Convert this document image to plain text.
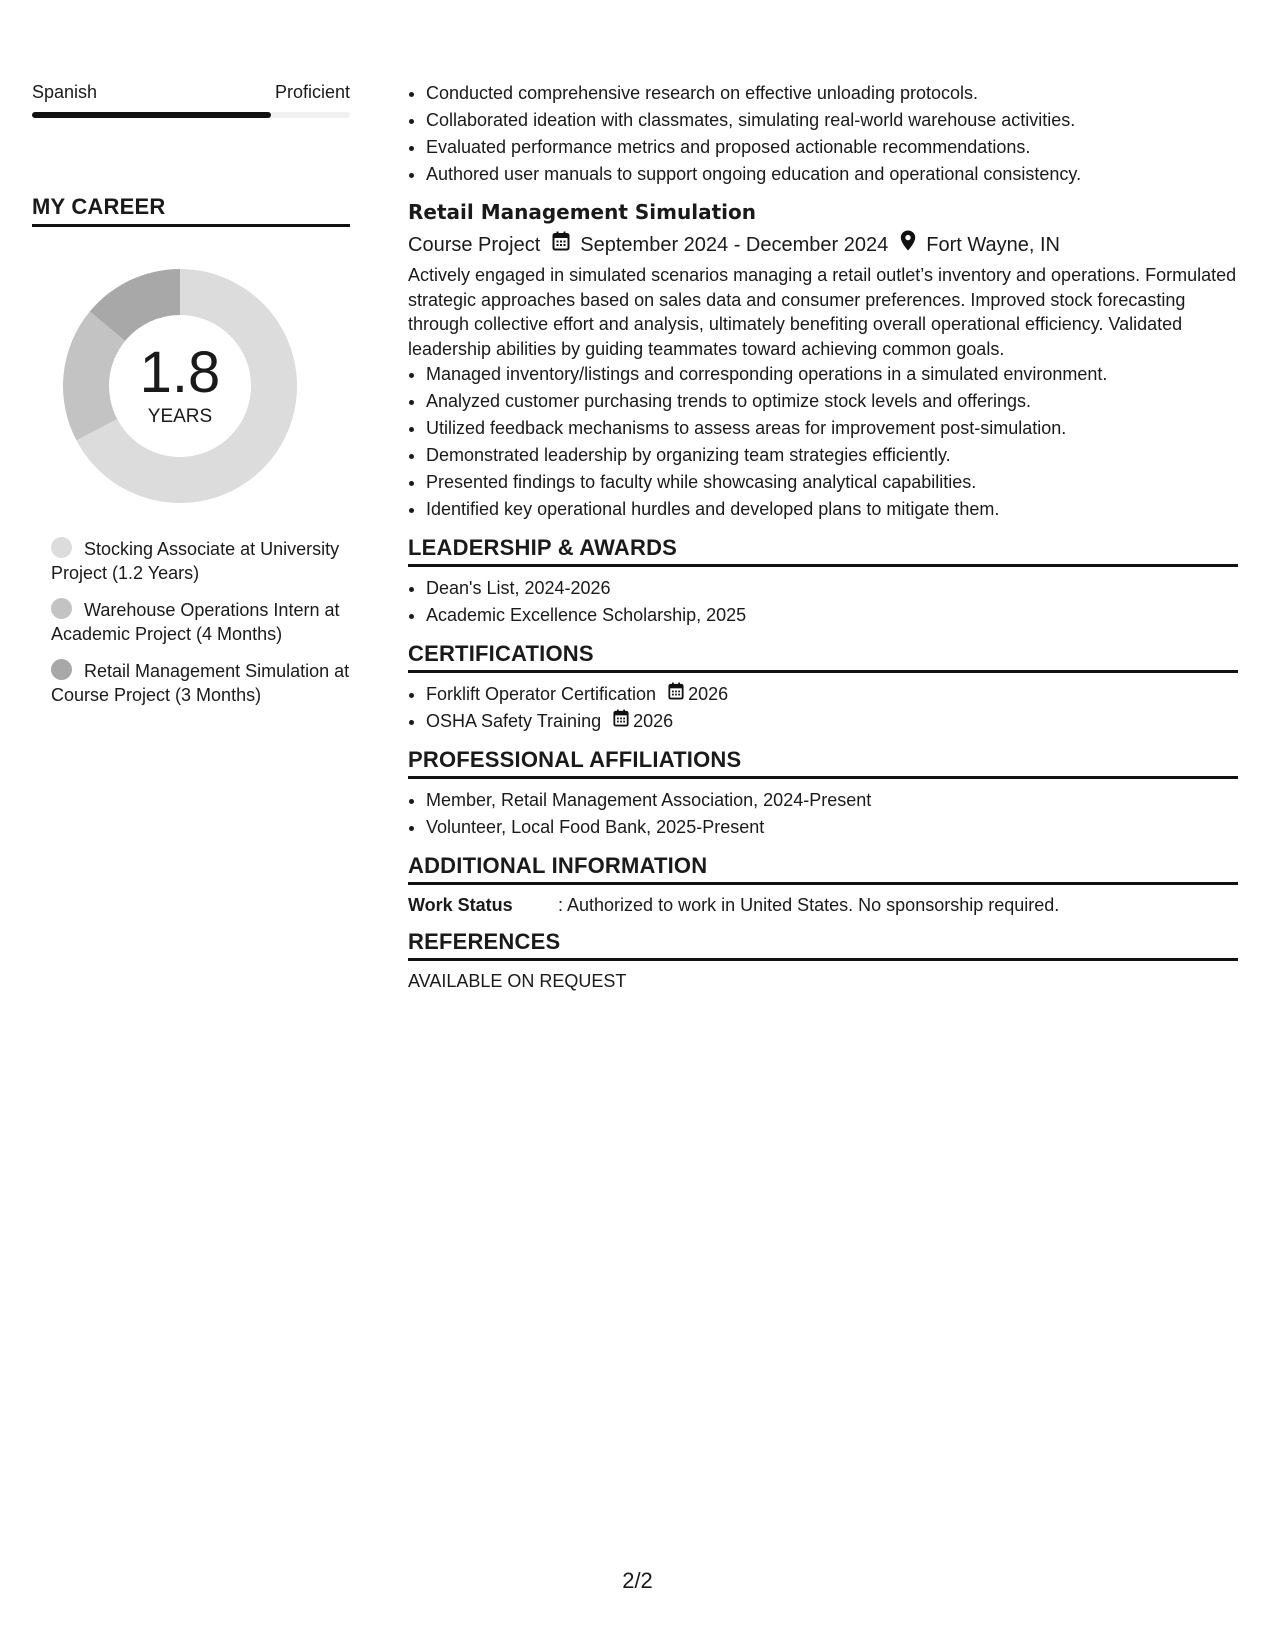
Spanish	Proficient
MY CAREER
1.8
YEARS
Stocking Associate at University Project (1.2 Years)
Warehouse Operations Intern at Academic Project (4 Months)
Retail Management Simulation at Course Project (3 Months)
• Conducted comprehensive research on effective unloading protocols.
• Collaborated ideation with classmates, simulating real-world warehouse activities.
• Evaluated performance metrics and proposed actionable recommendations.
• Authored user manuals to support ongoing education and operational consistency.
Retail Management Simulation
Course Project September 2024 - December 2024 Fort Wayne, IN
Actively engaged in simulated scenarios managing a retail outlet’s inventory and operations. Formulated strategic approaches based on sales data and consumer preferences. Improved stock forecasting through collective effort and analysis, ultimately benefiting overall operational efficiency. Validated leadership abilities by guiding teammates toward achieving common goals.
• Managed inventory/listings and corresponding operations in a simulated environment.
• Analyzed customer purchasing trends to optimize stock levels and offerings.
• Utilized feedback mechanisms to assess areas for improvement post-simulation.
• Demonstrated leadership by organizing team strategies efficiently.
• Presented findings to faculty while showcasing analytical capabilities.
• Identified key operational hurdles and developed plans to mitigate them.
LEADERSHIP & AWARDS
• Dean's List, 2024-2026
• Academic Excellence Scholarship, 2025
CERTIFICATIONS
• Forklift Operator Certification 2026
• OSHA Safety Training 2026
PROFESSIONAL AFFILIATIONS
• Member, Retail Management Association, 2024-Present
• Volunteer, Local Food Bank, 2025-Present
ADDITIONAL INFORMATION
Work Status	: Authorized to work in United States. No sponsorship required.
REFERENCES
AVAILABLE ON REQUEST
2/2
